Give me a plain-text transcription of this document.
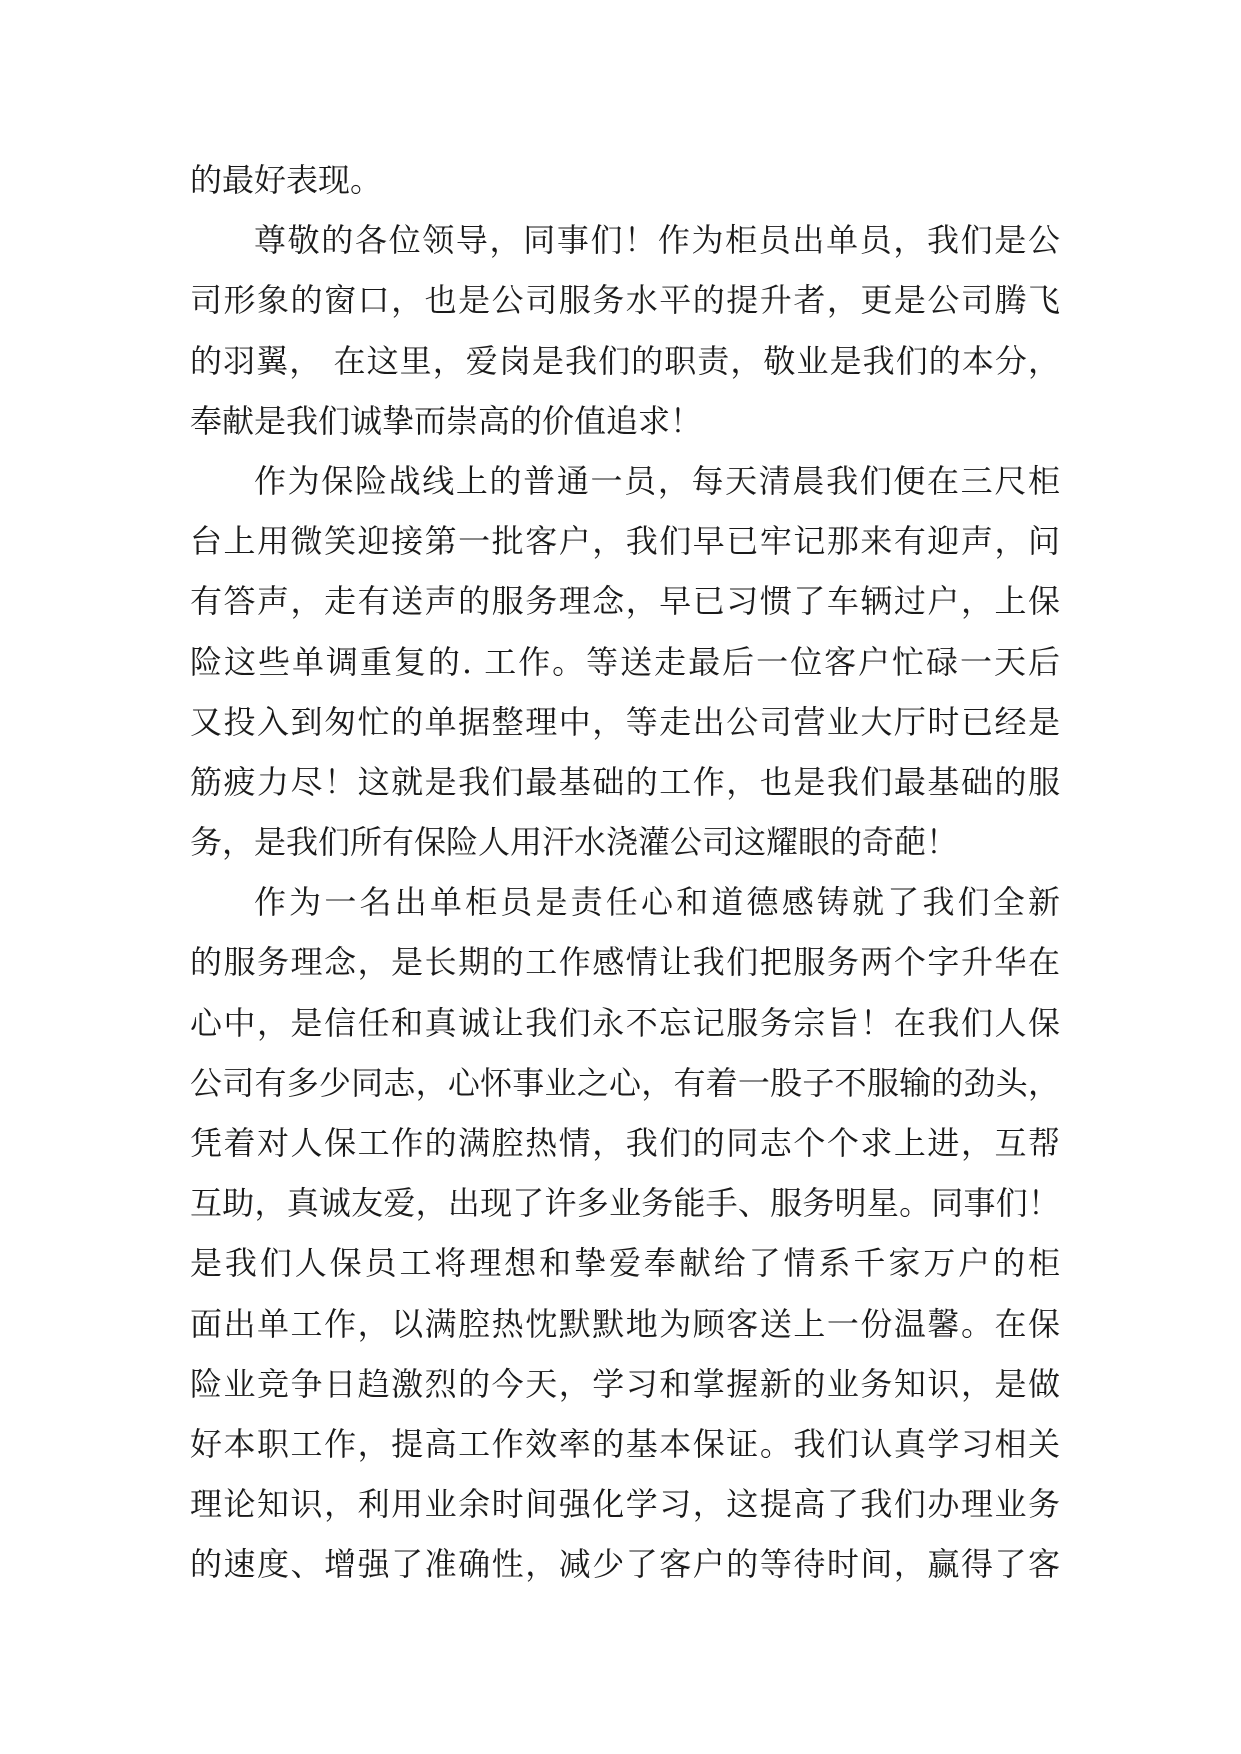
的最好表现。
尊敬的各位领导，同事们！作为柜员出单员，我们是公
司形象的窗口，也是公司服务水平的提升者，更是公司腾飞
的羽翼， 在这里，爱岗是我们的职责，敬业是我们的本分，
奉献是我们诚挚而崇高的价值追求！
作为保险战线上的普通一员，每天清晨我们便在三尺柜
台上用微笑迎接第一批客户，我们早已牢记那来有迎声，问
有答声，走有送声的服务理念，早已习惯了车辆过户，上保
险这些单调重复的. 工作。等送走最后一位客户忙碌一天后
又投入到匆忙的单据整理中，等走出公司营业大厅时已经是
筋疲力尽！这就是我们最基础的工作，也是我们最基础的服
务，是我们所有保险人用汗水浇灌公司这耀眼的奇葩！
作为一名出单柜员是责任心和道德感铸就了我们全新
的服务理念，是长期的工作感情让我们把服务两个字升华在
心中，是信任和真诚让我们永不忘记服务宗旨！在我们人保
公司有多少同志，心怀事业之心，有着一股子不服输的劲头，
凭着对人保工作的满腔热情，我们的同志个个求上进，互帮
互助，真诚友爱，出现了许多业务能手、服务明星。同事们！
是我们人保员工将理想和挚爱奉献给了情系千家万户的柜
面出单工作，以满腔热忱默默地为顾客送上一份温馨。在保
险业竞争日趋激烈的今天，学习和掌握新的业务知识，是做
好本职工作，提高工作效率的基本保证。我们认真学习相关
理论知识，利用业余时间强化学习，这提高了我们办理业务
的速度、增强了准确性，减少了客户的等待时间，赢得了客
